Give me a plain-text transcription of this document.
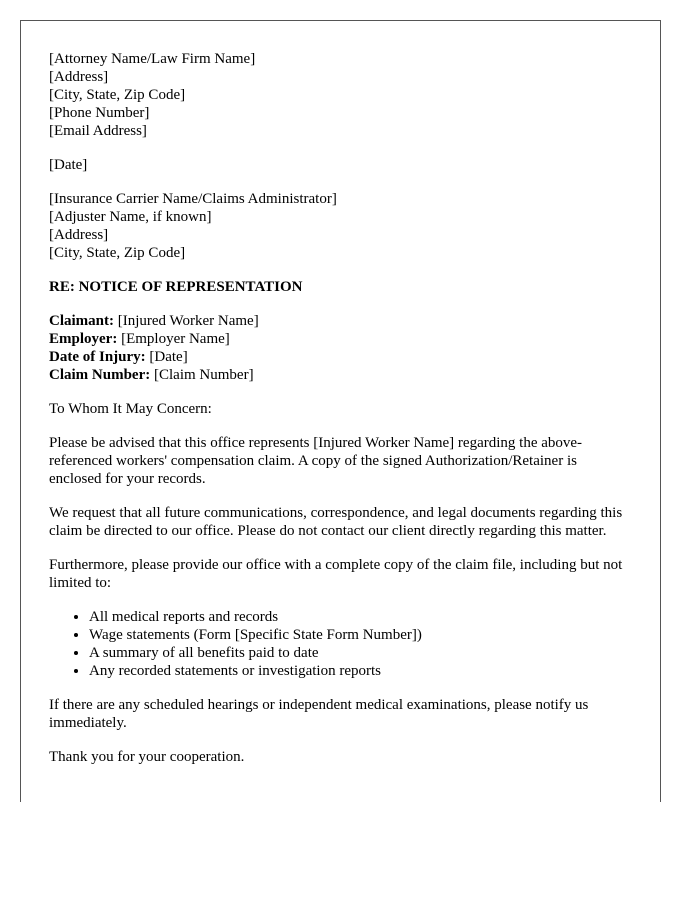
[Attorney Name/Law Firm Name]
[Address]
[City, State, Zip Code]
[Phone Number]
[Email Address]
[Date]
[Insurance Carrier Name/Claims Administrator]
[Adjuster Name, if known]
[Address]
[City, State, Zip Code]
RE: NOTICE OF REPRESENTATION
Claimant: [Injured Worker Name]
Employer: [Employer Name]
Date of Injury: [Date]
Claim Number: [Claim Number]

To Whom It May Concern:

Please be advised that this office represents [Injured Worker Name] regarding the above-referenced workers' compensation claim. A copy of the signed Authorization/Retainer is enclosed for your records.

We request that all future communications, correspondence, and legal documents regarding this claim be directed to our office. Please do not contact our client directly regarding this matter.

Furthermore, please provide our office with a complete copy of the claim file, including but not limited to:

• All medical reports and records
• Wage statements (Form [Specific State Form Number])
• A summary of all benefits paid to date
• Any recorded statements or investigation reports

If there are any scheduled hearings or independent medical examinations, please notify us immediately.

Thank you for your cooperation.
